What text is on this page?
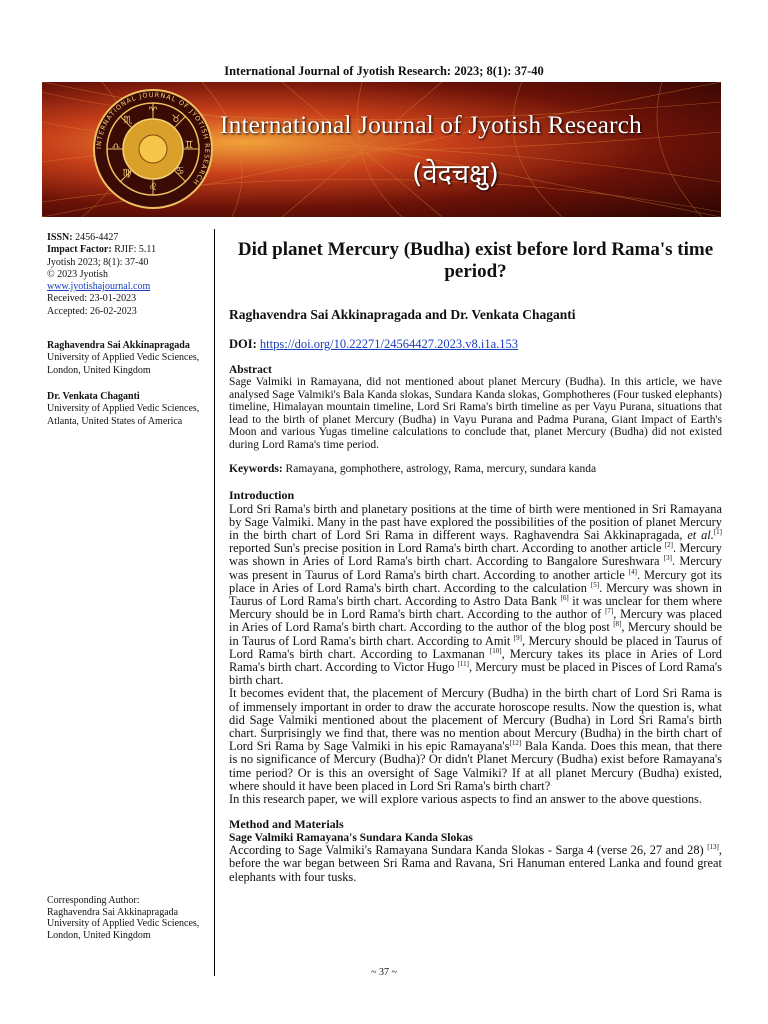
International Journal of Jyotish Research: 2023; 8(1): 37-40
♈
♉
♊
♋
♌
♍
♎
♏
INTERNATIONAL JOURNAL OF JYOTISH RESEARCH
International Journal of Jyotish Research
(वेदचक्षु)
ISSN: 2456-4427
Impact Factor: RJIF: 5.11
Jyotish 2023; 8(1): 37-40
© 2023 Jyotish
www.jyotishajournal.com
Received: 23-01-2023
Accepted: 26-02-2023
Raghavendra Sai Akkinapragada
University of Applied Vedic Sciences, London, United Kingdom
Dr. Venkata Chaganti
University of Applied Vedic Sciences, Atlanta, United States of America
Corresponding Author:
Raghavendra Sai Akkinapragada
University of Applied Vedic Sciences, London, United Kingdom
Did planet Mercury (Budha) exist before lord Rama's time period?
Raghavendra Sai Akkinapragada and Dr. Venkata Chaganti
DOI: https://doi.org/10.22271/24564427.2023.v8.i1a.153
Abstract

Sage Valmiki in Ramayana, did not mentioned about planet Mercury (Budha). In this article, we have analysed Sage Valmiki's Bala Kanda slokas, Sundara Kanda slokas, Gomphotheres (Four tusked elephants) timeline, Himalayan mountain timeline, Lord Sri Rama's birth timeline as per Vayu Purana, situations that lead to the birth of planet Mercury (Budha) in Vayu Purana and Padma Purana, Giant Impact of Earth's Moon and various Yugas timeline calculations to conclude that, planet Mercury (Budha) did not existed during Lord Rama's time period.

Keywords: Ramayana, gomphothere, astrology, Rama, mercury, sundara kanda
Introduction

Lord Sri Rama's birth and planetary positions at the time of birth were mentioned in Sri Ramayana by Sage Valmiki. Many in the past have explored the possibilities of the position of planet Mercury in the birth chart of Lord Sri Rama in different ways. Raghavendra Sai Akkinapragada, et al.[1] reported Sun's precise position in Lord Rama's birth chart. According to another article [2]. Mercury was shown in Aries of Lord Rama's birth chart. According to Bangalore Sureshwara [3]. Mercury was present in Taurus of Lord Rama's birth chart. According to another article [4]. Mercury got its place in Aries of Lord Rama's birth chart. According to the calculation [5]. Mercury was shown in Taurus of Lord Rama's birth chart. According to Astro Data Bank [6] it was unclear for them where Mercury should be in Lord Rama's birth chart. According to the author of [7], Mercury was placed in Aries of Lord Rama's birth chart. According to the author of the blog post [8], Mercury should be in Taurus of Lord Rama's birth chart. According to Amit [9], Mercury should be placed in Taurus of Lord Rama's birth chart. According to Laxmanan [10], Mercury takes its place in Aries of Lord Rama's birth chart. According to Victor Hugo [11], Mercury must be placed in Pisces of Lord Rama's birth chart.

It becomes evident that, the placement of Mercury (Budha) in the birth chart of Lord Sri Rama is of immensely important in order to draw the accurate horoscope results. Now the question is, what did Sage Valmiki mentioned about the placement of Mercury (Budha) in Lord Sri Rama's birth chart. Surprisingly we find that, there was no mention about Mercury (Budha) in the birth chart of Lord Sri Rama by Sage Valmiki in his epic Ramayana's[12] Bala Kanda. Does this mean, that there is no significance of Mercury (Budha)? Or didn't Planet Mercury (Budha) exist before Ramayana's time period? Or is this an oversight of Sage Valmiki? If at all planet Mercury (Budha) existed, where should it have been placed in Lord Sri Rama's birth chart?

In this research paper, we will explore various aspects to find an answer to the above questions.

Method and Materials
Sage Valmiki Ramayana's Sundara Kanda Slokas

According to Sage Valmiki's Ramayana Sundara Kanda Slokas - Sarga 4 (verse 26, 27 and 28) [13], before the war began between Sri Rama and Ravana, Sri Hanuman entered Lanka and found great elephants with four tusks.

~ 37 ~
